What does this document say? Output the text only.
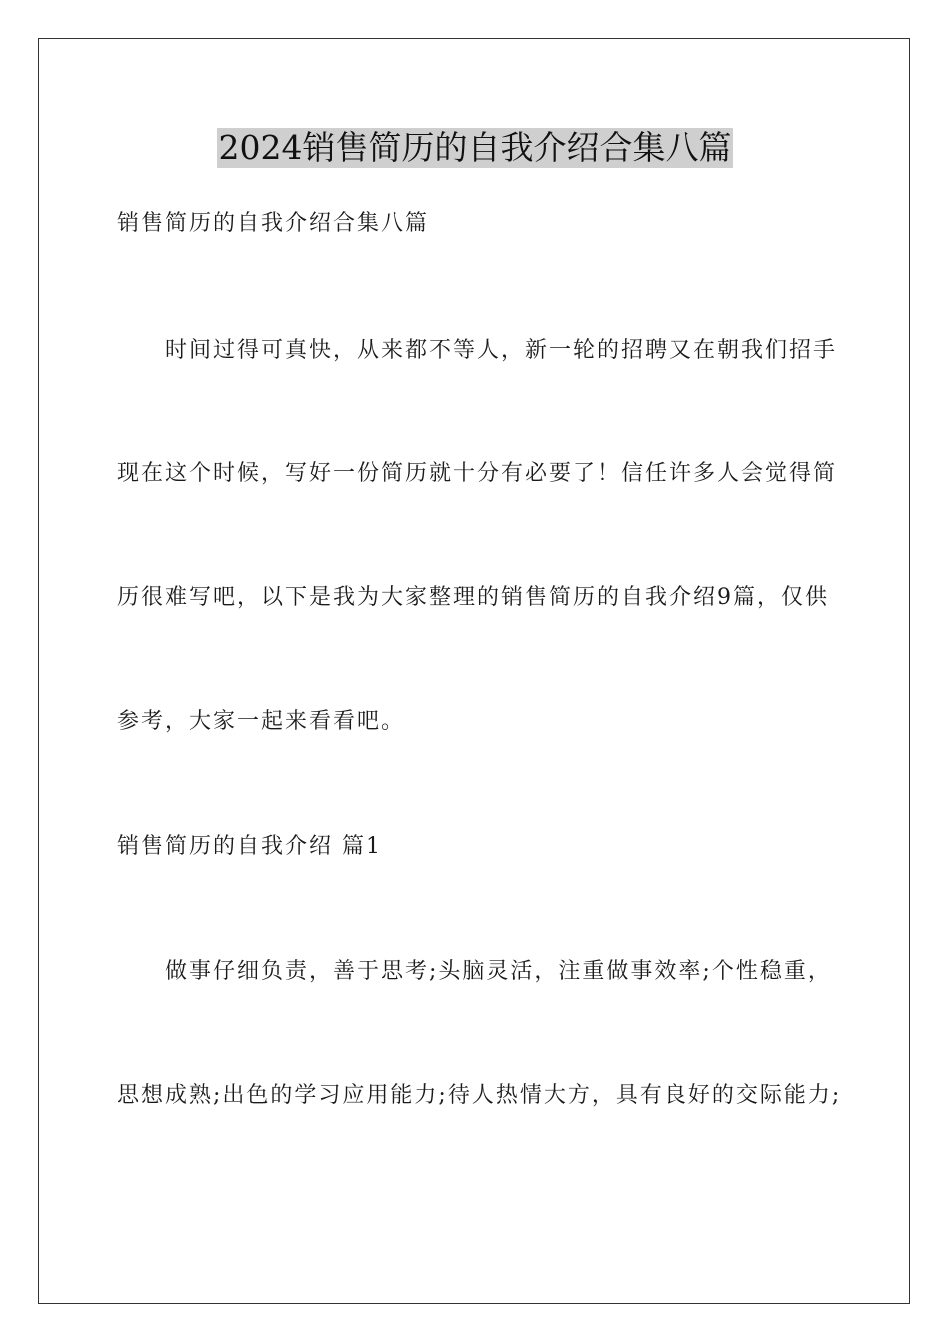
2024销售简历的自我介绍合集八篇
销售简历的自我介绍合集八篇
时间过得可真快，从来都不等人，新一轮的招聘又在朝我们招手
现在这个时候，写好一份简历就十分有必要了！信任许多人会觉得简
历很难写吧，以下是我为大家整理的销售简历的自我介绍9篇，仅供
参考，大家一起来看看吧。
销售简历的自我介绍 篇1
做事仔细负责，善于思考;头脑灵活，注重做事效率;个性稳重，
思想成熟;出色的学习应用能力;待人热情大方，具有良好的交际能力;
